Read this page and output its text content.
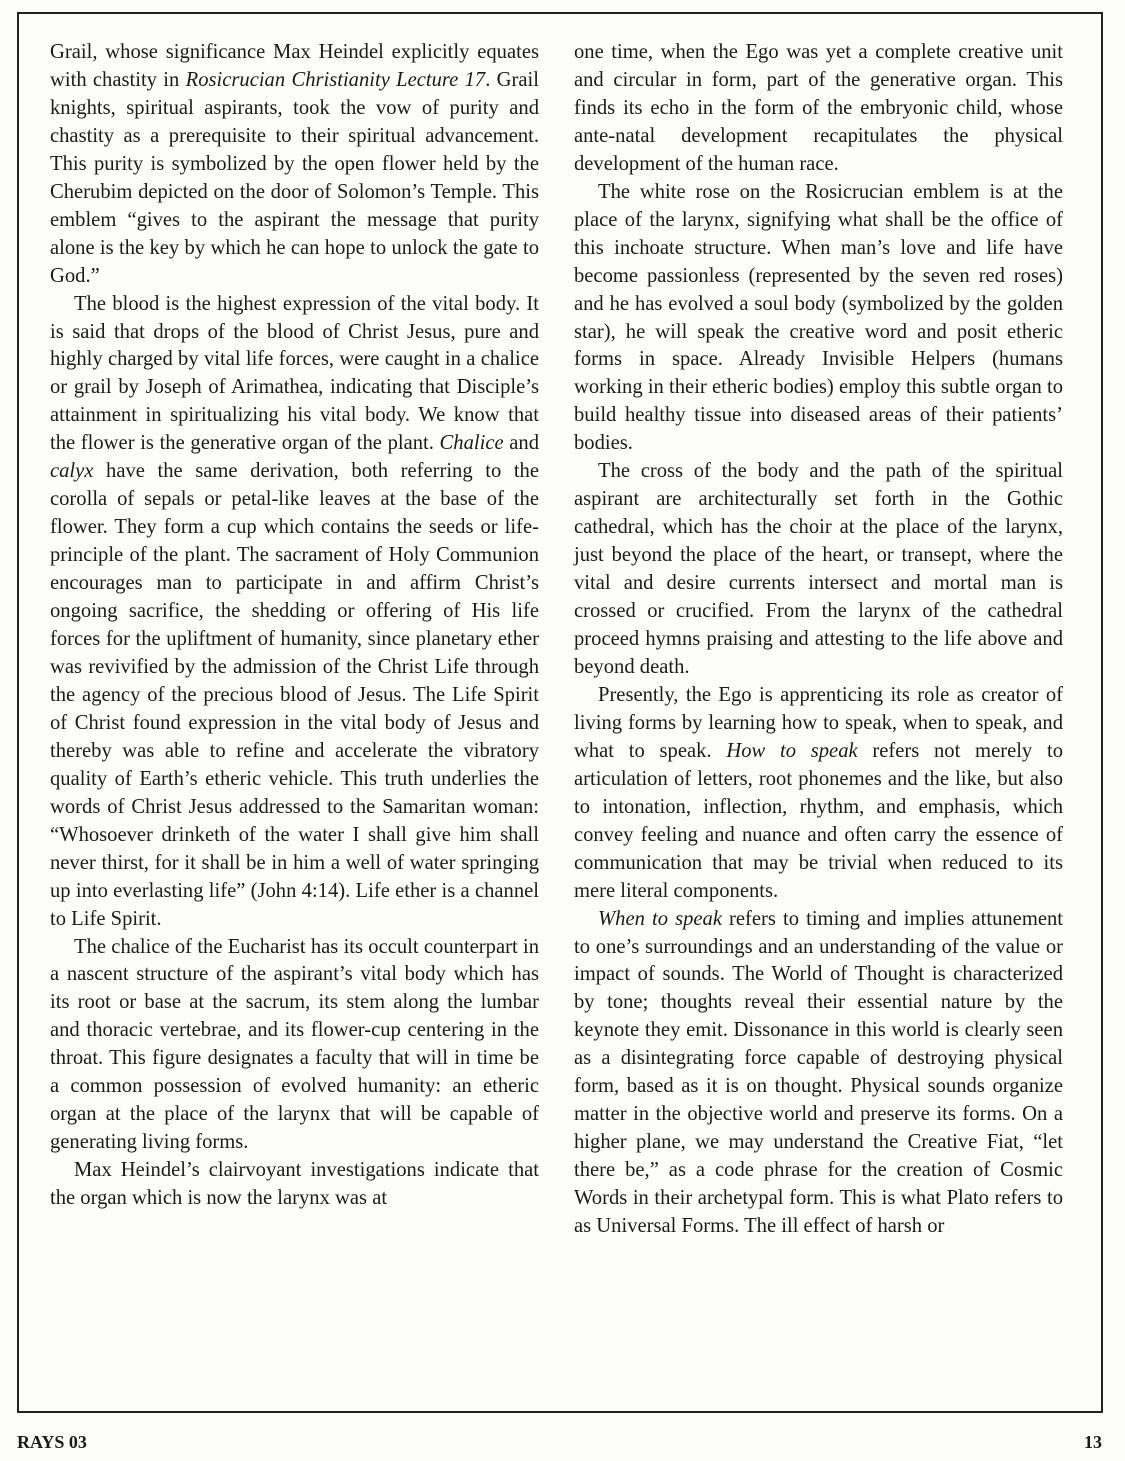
Grail, whose significance Max Heindel explicitly equates with chastity in Rosicrucian Christianity Lecture 17. Grail knights, spiritual aspirants, took the vow of purity and chastity as a prerequisite to their spiritual advancement. This purity is symbolized by the open flower held by the Cherubim depicted on the door of Solomon’s Temple. This emblem “gives to the aspirant the message that purity alone is the key by which he can hope to unlock the gate to God.”

The blood is the highest expression of the vital body. It is said that drops of the blood of Christ Jesus, pure and highly charged by vital life forces, were caught in a chalice or grail by Joseph of Arimathea, indicating that Disciple’s attainment in spiritualizing his vital body. We know that the flower is the generative organ of the plant. Chalice and calyx have the same derivation, both referring to the corolla of sepals or petal-like leaves at the base of the flower. They form a cup which contains the seeds or life-principle of the plant. The sacrament of Holy Communion encourages man to participate in and affirm Christ’s ongoing sacrifice, the shedding or offering of His life forces for the upliftment of humanity, since planetary ether was revivified by the admission of the Christ Life through the agency of the precious blood of Jesus. The Life Spirit of Christ found expression in the vital body of Jesus and thereby was able to refine and accelerate the vibratory quality of Earth’s etheric vehicle. This truth underlies the words of Christ Jesus addressed to the Samaritan woman: “Whosoever drinketh of the water I shall give him shall never thirst, for it shall be in him a well of water springing up into everlasting life” (John 4:14). Life ether is a channel to Life Spirit.

The chalice of the Eucharist has its occult counterpart in a nascent structure of the aspirant’s vital body which has its root or base at the sacrum, its stem along the lumbar and thoracic vertebrae, and its flower-cup centering in the throat. This figure designates a faculty that will in time be a common possession of evolved humanity: an etheric organ at the place of the larynx that will be capable of generating living forms.

Max Heindel’s clairvoyant investigations indicate that the organ which is now the larynx was at

one time, when the Ego was yet a complete creative unit and circular in form, part of the generative organ. This finds its echo in the form of the embryonic child, whose ante-natal development recapitulates the physical development of the human race.

The white rose on the Rosicrucian emblem is at the place of the larynx, signifying what shall be the office of this inchoate structure. When man’s love and life have become passionless (represented by the seven red roses) and he has evolved a soul body (symbolized by the golden star), he will speak the creative word and posit etheric forms in space. Already Invisible Helpers (humans working in their etheric bodies) employ this subtle organ to build healthy tissue into diseased areas of their patients’ bodies.

The cross of the body and the path of the spiritual aspirant are architecturally set forth in the Gothic cathedral, which has the choir at the place of the larynx, just beyond the place of the heart, or transept, where the vital and desire currents intersect and mortal man is crossed or crucified. From the larynx of the cathedral proceed hymns praising and attesting to the life above and beyond death.

Presently, the Ego is apprenticing its role as creator of living forms by learning how to speak, when to speak, and what to speak. How to speak refers not merely to articulation of letters, root phonemes and the like, but also to intonation, inflection, rhythm, and emphasis, which convey feeling and nuance and often carry the essence of communication that may be trivial when reduced to its mere literal components.

When to speak refers to timing and implies attunement to one’s surroundings and an understanding of the value or impact of sounds. The World of Thought is characterized by tone; thoughts reveal their essential nature by the keynote they emit. Dissonance in this world is clearly seen as a disintegrating force capable of destroying physical form, based as it is on thought. Physical sounds organize matter in the objective world and preserve its forms. On a higher plane, we may understand the Creative Fiat, “let there be,” as a code phrase for the creation of Cosmic Words in their archetypal form. This is what Plato refers to as Universal Forms. The ill effect of harsh or

RAYS 03	13
